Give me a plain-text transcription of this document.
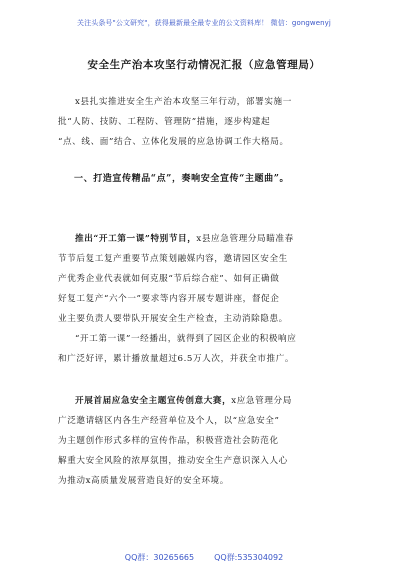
关注头条号"公文研究"，获得最新最全最专业的公文资料库！ 微信：gongwenyj
安全生产治本攻坚行动情况汇报（应急管理局）
x县扎实推进安全生产治本攻坚三年行动，部署实施一
批“人防、技防、工程防、管理防”措施，逐步构建起
“点、线、面”结合、立体化发展的应急协调工作大格局。
一、打造宣传精品“点”，奏响安全宣传“主题曲”。
推出“开工第一课”特别节目，x县应急管理分局瞄准春
节节后复工复产重要节点策划融媒内容，邀请园区安全生
产优秀企业代表就如何克服“节后综合症”、如何正确做
好复工复产“六个一”要求等内容开展专题讲座，督促企
业主要负责人要带队开展安全生产检查，主动消除隐患。
“开工第一课”一经播出，就得到了园区企业的积极响应
和广泛好评，累计播放量超过6.5万人次，并获全市推广。
开展首届应急安全主题宣传创意大赛，x应急管理分局
广泛邀请辖区内各生产经营单位及个人，以“应急安全”
为主题创作形式多样的宣传作品，积极营造社会防范化
解重大安全风险的浓厚氛围，推动安全生产意识深入人心
为推动x高质量发展营造良好的安全环境。
QQ群：30265665	QQ群:535304092
